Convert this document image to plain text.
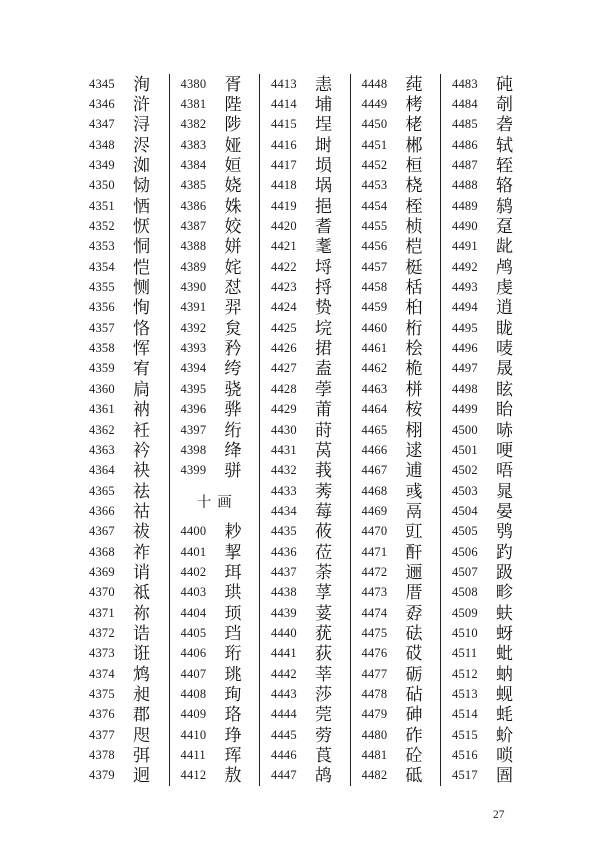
4345	洵
4346	浒
4347	浔
4348	浕
4349	洳
4350	恸
4351	恓
4352	恹
4353	恫
4354	恺
4355	恻
4356	恂
4357	恪
4358	恽
4359	宥
4360	扃
4361	衲
4362	衽
4363	衿
4364	袂
4365	祛
4366	祜
4367	祓
4368	祚
4369	诮
4370	祗
4371	祢
4372	诰
4373	诳
4374	鸩
4375	昶
4376	郡
4377	咫
4378	弭
4379	迥
4380	胥
4381	陛
4382	陟
4383	娅
4384	姮
4385	娆
4386	姝
4387	姣
4388	姘
4389	姹
4390	怼
4391	羿
4392	炱
4393	矜
4394	绔
4395	骁
4396	骅
4397	绗
4398	绛
4399	骈
十画
4400	耖
4401	挈
4402	珥
4403	珙
4404	顼
4405	珰
4406	珩
4407	珧
4408	珣
4409	珞
4410	琤
4411	珲
4412	敖
4413	恚
4414	埔
4415	埕
4416	埘
4417	埙
4418	埚
4419	挹
4420	耆
4421	耄
4422	埒
4423	捋
4424	贽
4425	垸
4426	捃
4427	盍
4428	荸
4429	莆
4430	莳
4431	莴
4432	莪
4433	莠
4434	莓
4435	莜
4436	莅
4437	荼
4438	莩
4439	荽
4440	莸
4441	荻
4442	莘
4443	莎
4444	莞
4445	䓖
4446	莨
4447	鸪
4448	莼
4449	栲
4450	栳
4451	郴
4452	桓
4453	桡
4454	桎
4455	桢
4456	桤
4457	梃
4458	栝
4459	桕
4460	桁
4461	桧
4462	桅
4463	栟
4464	桉
4465	栩
4466	逑
4467	逋
4468	彧
4469	鬲
4470	豇
4471	酐
4472	逦
4473	厝
4474	孬
4475	砝
4476	砹
4477	砺
4478	砧
4479	砷
4480	砟
4481	砼
4482	砥
4483	砘
4484	剞
4485	砻
4486	轼
4487	轾
4488	辂
4489	鸫
4490	趸
4491	龀
4492	鸬
4493	虔
4494	逍
4495	眬
4496	唛
4497	晟
4498	眩
4499	眙
4500	哧
4501	哽
4502	唔
4503	晁
4504	晏
4505	鸮
4506	趵
4507	趿
4508	畛
4509	蚨
4510	蚜
4511	蚍
4512	蚋
4513	蚬
4514	蚝
4515	蚧
4516	唢
4517	圄
27
